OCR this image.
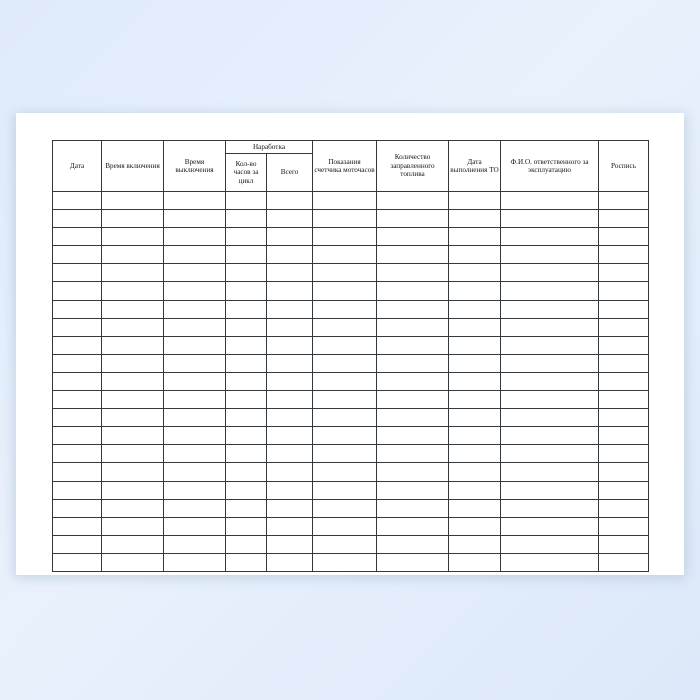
Дата	Время включения	Время выключения	Наработка		Показания счетчика моточасов	Количество заправленного топлива	Дата выполнения ТО	Ф.И.О. ответственного за эксплуатацию	Роспись
			Кол-во часов за цикл	Всего					
